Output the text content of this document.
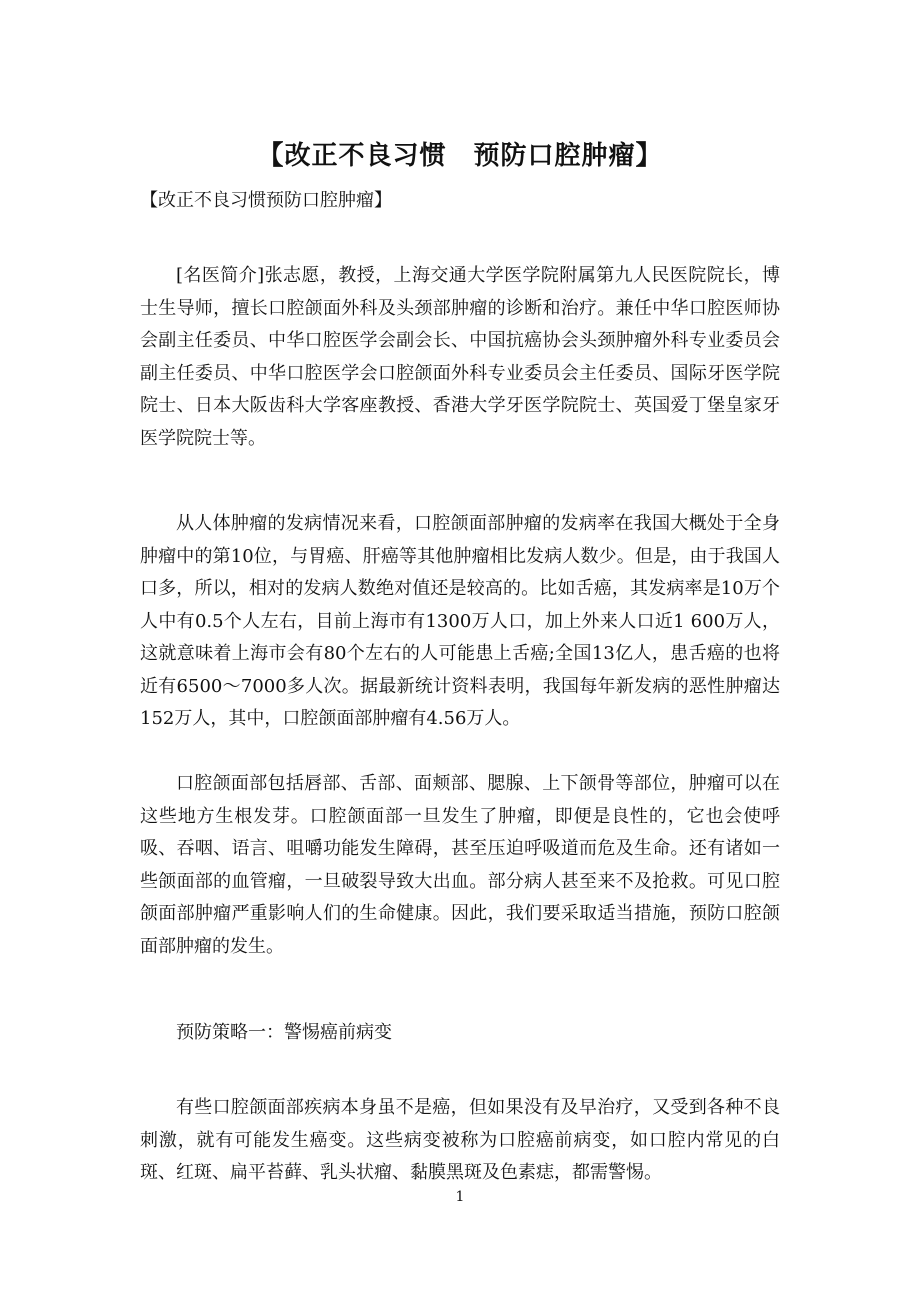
【改正不良习惯　预防口腔肿瘤】
【改正不良习惯预防口腔肿瘤】
[名医简介]张志愿，教授，上海交通大学医学院附属第九人民医院院长，博士生导师，擅长口腔颌面外科及头颈部肿瘤的诊断和治疗。兼任中华口腔医师协会副主任委员、中华口腔医学会副会长、中国抗癌协会头颈肿瘤外科专业委员会副主任委员、中华口腔医学会口腔颌面外科专业委员会主任委员、国际牙医学院院士、日本大阪齿科大学客座教授、香港大学牙医学院院士、英国爱丁堡皇家牙医学院院士等。
从人体肿瘤的发病情况来看，口腔颌面部肿瘤的发病率在我国大概处于全身肿瘤中的第10位，与胃癌、肝癌等其他肿瘤相比发病人数少。但是，由于我国人口多，所以，相对的发病人数绝对值还是较高的。比如舌癌，其发病率是10万个人中有0.5个人左右，目前上海市有1300万人口，加上外来人口近1 600万人，这就意味着上海市会有80个左右的人可能患上舌癌;全国13亿人，患舌癌的也将近有6500～7000多人次。据最新统计资料表明，我国每年新发病的恶性肿瘤达152万人，其中，口腔颌面部肿瘤有4.56万人。
口腔颌面部包括唇部、舌部、面颊部、腮腺、上下颌骨等部位，肿瘤可以在这些地方生根发芽。口腔颌面部一旦发生了肿瘤，即便是良性的，它也会使呼吸、吞咽、语言、咀嚼功能发生障碍，甚至压迫呼吸道而危及生命。还有诸如一些颌面部的血管瘤，一旦破裂导致大出血。部分病人甚至来不及抢救。可见口腔颌面部肿瘤严重影响人们的生命健康。因此，我们要采取适当措施，预防口腔颌面部肿瘤的发生。
预防策略一：警惕癌前病变
有些口腔颌面部疾病本身虽不是癌，但如果没有及早治疗，又受到各种不良刺激，就有可能发生癌变。这些病变被称为口腔癌前病变，如口腔内常见的白斑、红斑、扁平苔藓、乳头状瘤、黏膜黑斑及色素痣，都需警惕。
1
